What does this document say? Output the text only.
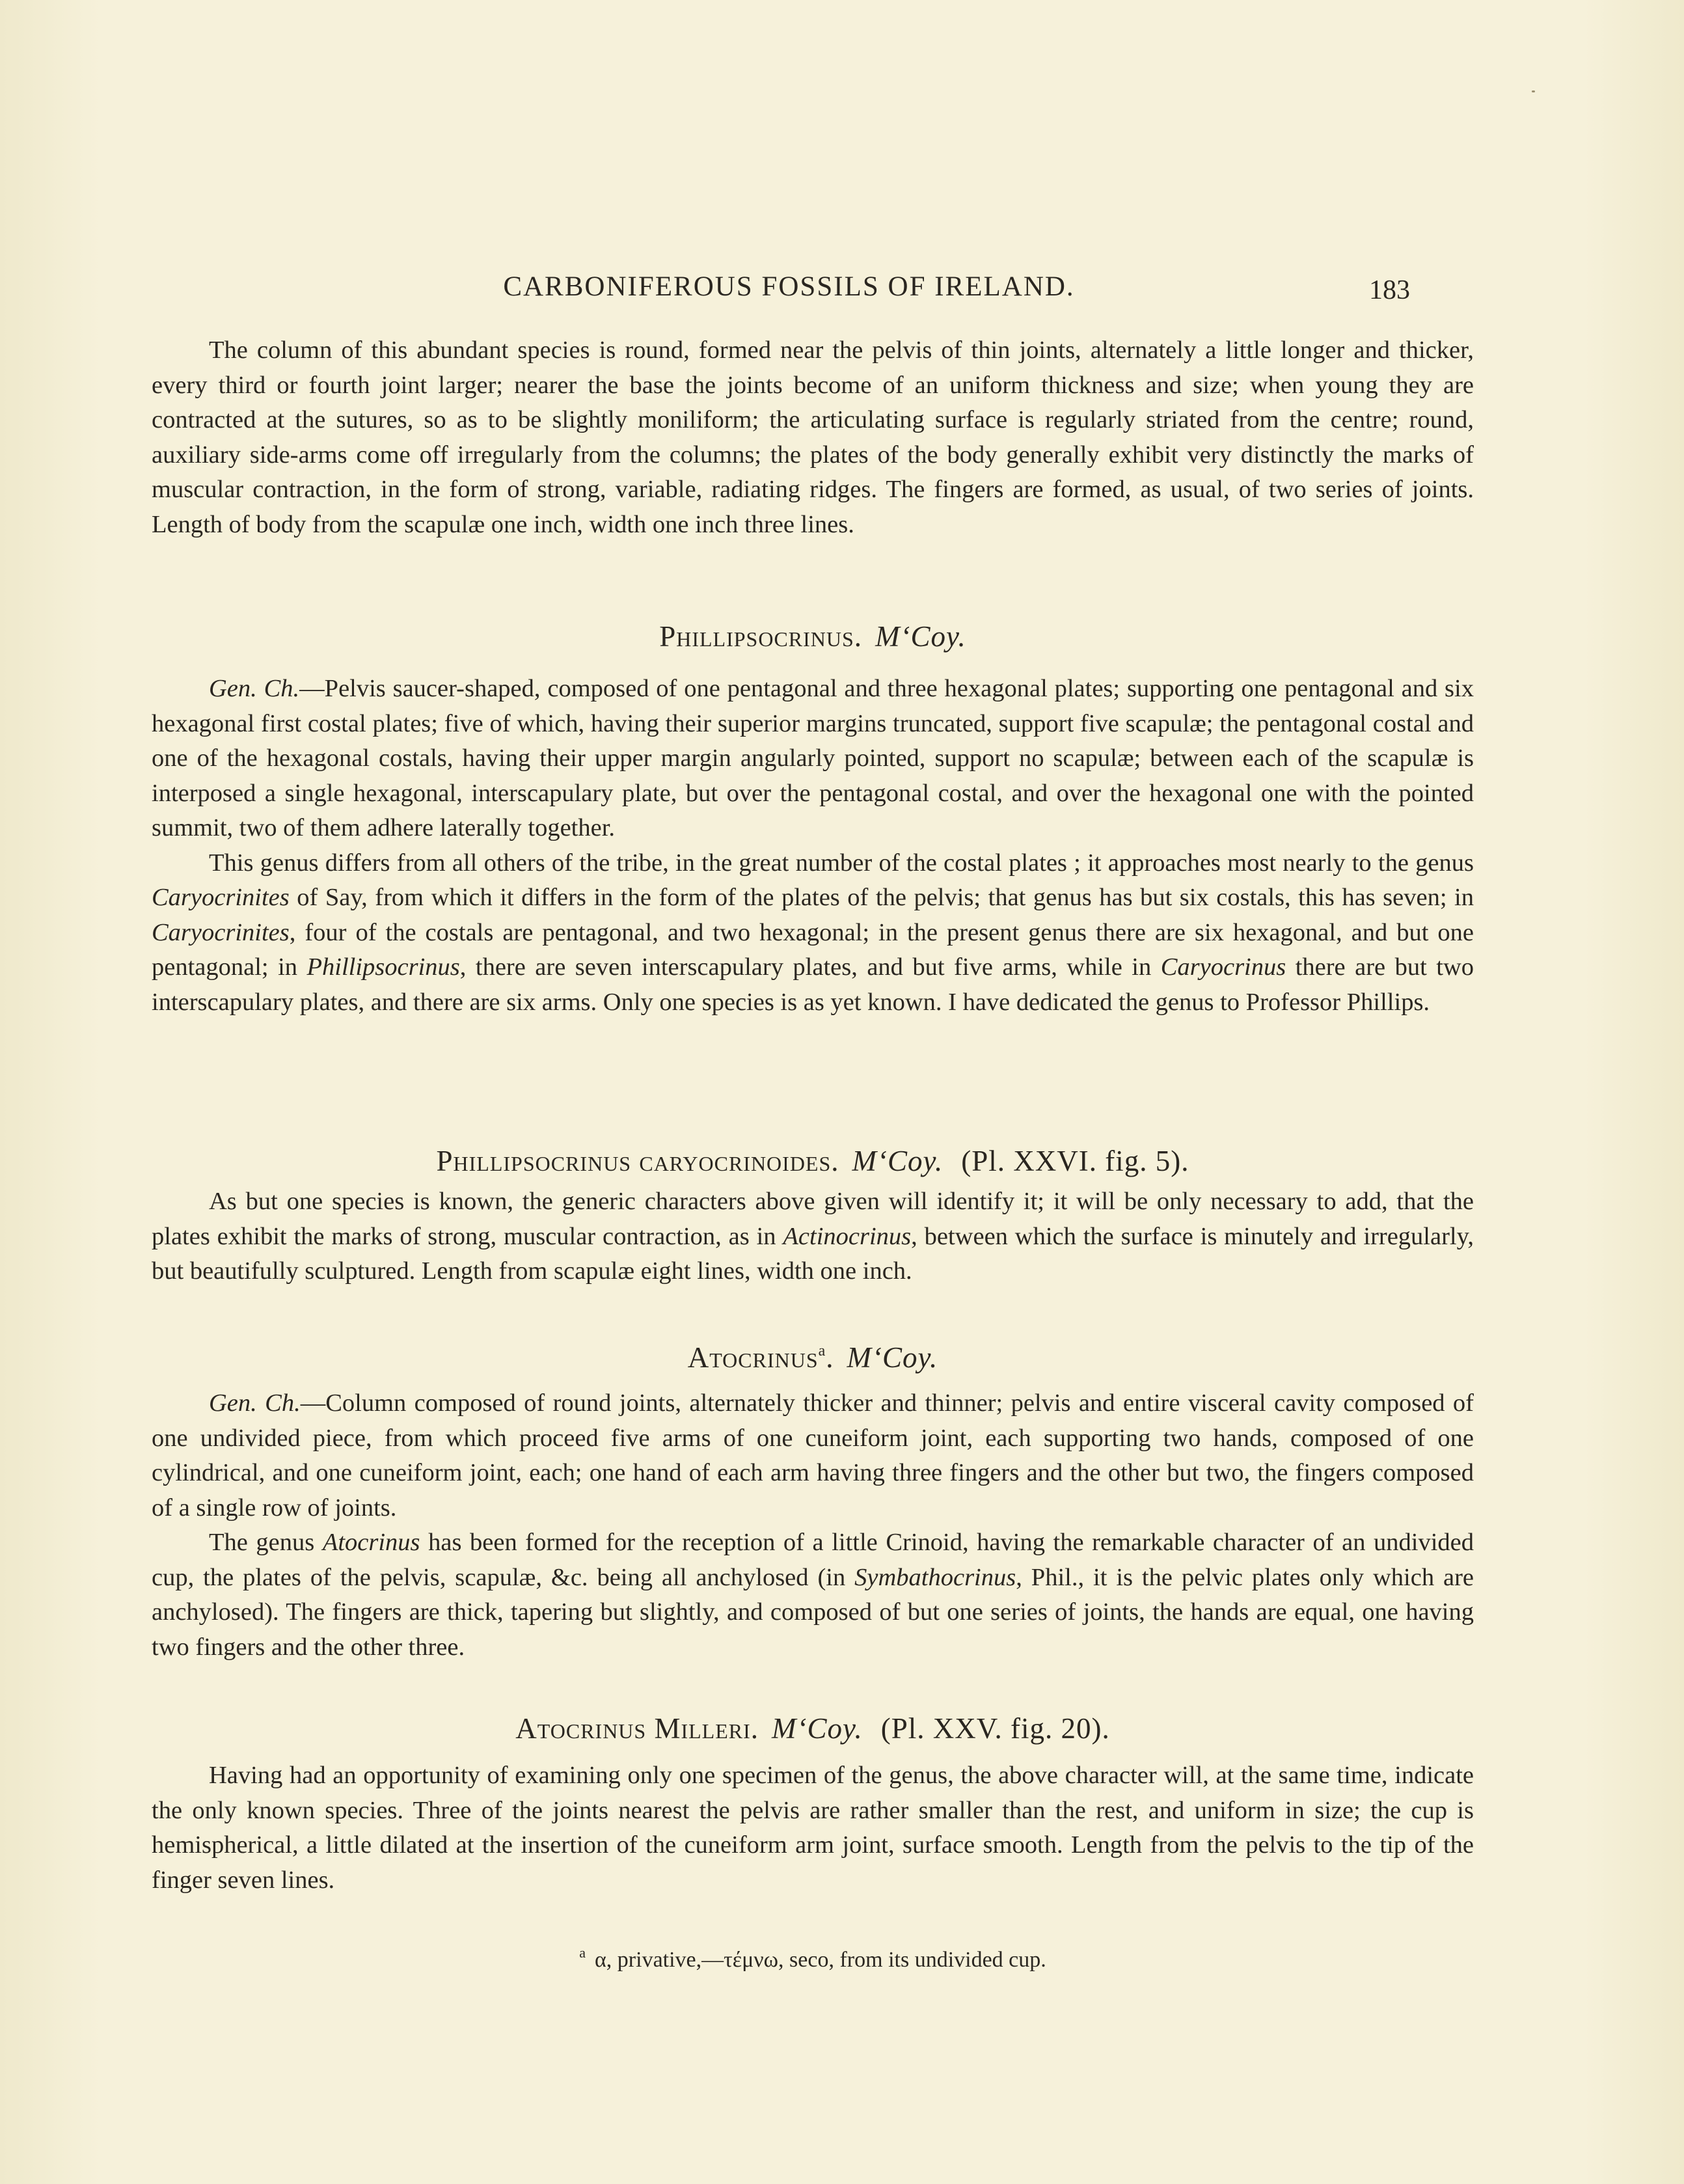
CARBONIFEROUS FOSSILS OF IRELAND.	183

The column of this abundant species is round, formed near the pelvis of thin joints, alternately a little longer and thicker, every third or fourth joint larger; nearer the base the joints become of an uniform thickness and size; when young they are contracted at the sutures, so as to be slightly moniliform; the articulating surface is regularly striated from the centre; round, auxiliary side-arms come off irregularly from the columns; the plates of the body generally exhibit very distinctly the marks of muscular contraction, in the form of strong, variable, radiating ridges. The fingers are formed, as usual, of two series of joints. Length of body from the scapulæ one inch, width one inch three lines.

Phillipsocrinus. M‘Coy.

Gen. Ch.—Pelvis saucer-shaped, composed of one pentagonal and three hexagonal plates; supporting one pentagonal and six hexagonal first costal plates; five of which, having their superior margins truncated, support five scapulæ; the pentagonal costal and one of the hexagonal costals, having their upper margin angularly pointed, support no scapulæ; between each of the scapulæ is interposed a single hexagonal, interscapulary plate, but over the pentagonal costal, and over the hexagonal one with the pointed summit, two of them adhere laterally together.

This genus differs from all others of the tribe, in the great number of the costal plates ; it approaches most nearly to the genus Caryocrinites of Say, from which it differs in the form of the plates of the pelvis; that genus has but six costals, this has seven; in Caryocrinites, four of the costals are pentagonal, and two hexagonal; in the present genus there are six hexagonal, and but one pentagonal; in Phillipsocrinus, there are seven interscapulary plates, and but five arms, while in Caryocrinus there are but two interscapulary plates, and there are six arms. Only one species is as yet known. I have dedicated the genus to Professor Phillips.

Phillipsocrinus caryocrinoides. M‘Coy. (Pl. XXVI. fig. 5).

As but one species is known, the generic characters above given will identify it; it will be only necessary to add, that the plates exhibit the marks of strong, muscular contraction, as in Actinocrinus, between which the surface is minutely and irregularly, but beautifully sculptured. Length from scapulæ eight lines, width one inch.

Atocrinus$^a$. M‘Coy.

Gen. Ch.—Column composed of round joints, alternately thicker and thinner; pelvis and entire visceral cavity composed of one undivided piece, from which proceed five arms of one cuneiform joint, each supporting two hands, composed of one cylindrical, and one cuneiform joint, each; one hand of each arm having three fingers and the other but two, the fingers composed of a single row of joints.

The genus Atocrinus has been formed for the reception of a little Crinoid, having the remarkable character of an undivided cup, the plates of the pelvis, scapulæ, &c. being all anchylosed (in Symbathocrinus, Phil., it is the pelvic plates only which are anchylosed). The fingers are thick, tapering but slightly, and composed of but one series of joints, the hands are equal, one having two fingers and the other three.

Atocrinus Milleri. M‘Coy. (Pl. XXV. fig. 20).

Having had an opportunity of examining only one specimen of the genus, the above character will, at the same time, indicate the only known species. Three of the joints nearest the pelvis are rather smaller than the rest, and uniform in size; the cup is hemispherical, a little dilated at the insertion of the cuneiform arm joint, surface smooth. Length from the pelvis to the tip of the finger seven lines.

$^a$ α, privative,—τέμνω, seco, from its undivided cup.
